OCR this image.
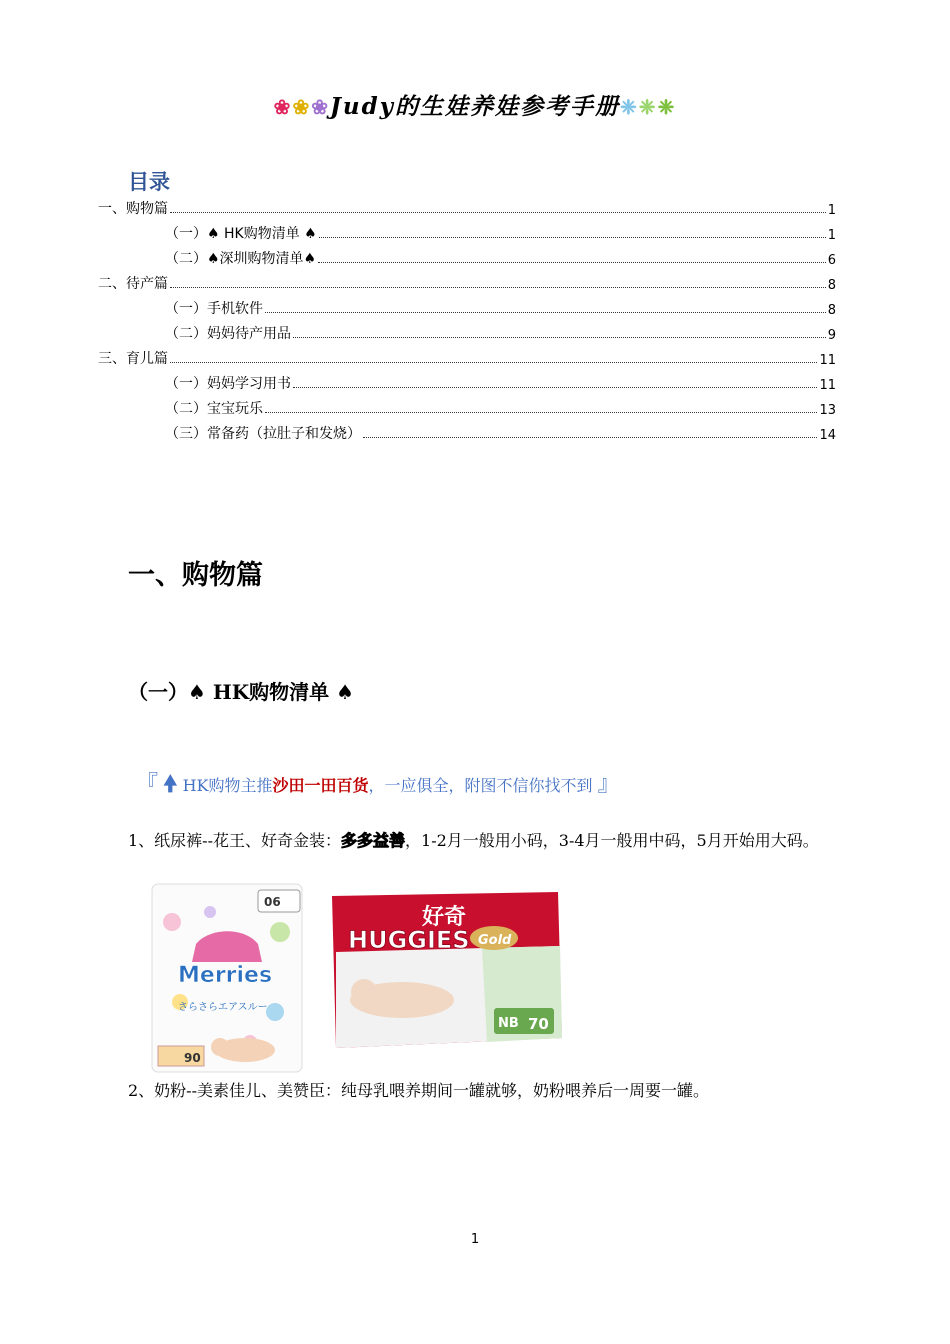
❀❀❀Judy的生娃养娃参考手册❈❈❈
目录
一、购物篇	1
（一）♠ HK购物清单 ♠	1
（二）♠深圳购物清单♠	6
二、待产篇	8
（一）手机软件	8
（二）妈妈待产用品	9
三、育儿篇	11
（一）妈妈学习用书	11
（二）宝宝玩乐	13
（三）常备药（拉肚子和发烧）	14
一、购物篇
（一）♠ HK购物清单 ♠
『 🠝 HK购物主推沙田一田百货，一应俱全，附图不信你找不到 』
1、纸尿裤--花王、好奇金装：多多益善，1-2月一般用小码，3-4月一般用中码，5月开始用大码。
06
Merries
さらさらエアスルー
90
好奇
HUGGIES Gold
NB 70
2、奶粉--美素佳儿、美赞臣：纯母乳喂养期间一罐就够，奶粉喂养后一周要一罐。
1
